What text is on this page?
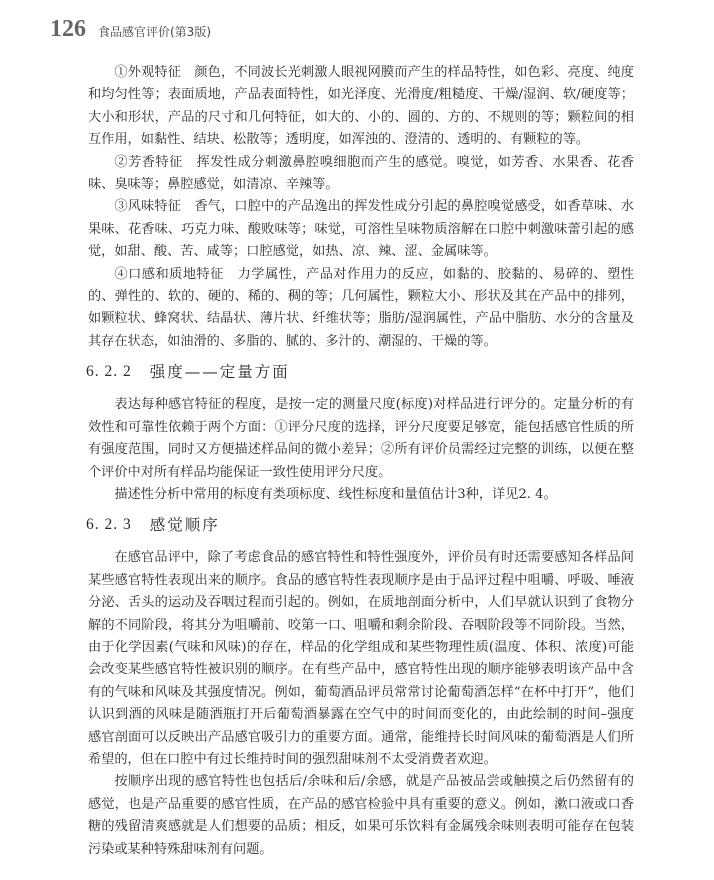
126 食品感官评价(第3版)

①外观特征　颜色，不同波长光刺激人眼视网膜而产生的样品特性，如色彩、亮度、纯度和均匀性等；表面质地，产品表面特性，如光泽度、光滑度/粗糙度、干燥/湿润、软/硬度等；大小和形状，产品的尺寸和几何特征，如大的、小的、圆的、方的、不规则的等；颗粒间的相互作用，如黏性、结块、松散等；透明度，如浑浊的、澄清的、透明的、有颗粒的等。

②芳香特征　挥发性成分刺激鼻腔嗅细胞而产生的感觉。嗅觉，如芳香、水果香、花香味、臭味等；鼻腔感觉，如清凉、辛辣等。

③风味特征　香气，口腔中的产品逸出的挥发性成分引起的鼻腔嗅觉感受，如香草味、水果味、花香味、巧克力味、酸败味等；味觉，可溶性呈味物质溶解在口腔中刺激味蕾引起的感觉，如甜、酸、苦、咸等；口腔感觉，如热、凉、辣、涩、金属味等。

④口感和质地特征　力学属性，产品对作用力的反应，如黏的、胶黏的、易碎的、塑性的、弹性的、软的、硬的、稀的、稠的等；几何属性，颗粒大小、形状及其在产品中的排列，如颗粒状、蜂窝状、结晶状、薄片状、纤维状等；脂肪/湿润属性，产品中脂肪、水分的含量及其存在状态，如油滑的、多脂的、腻的、多汁的、潮湿的、干燥的等。

6. 2. 2 强度——定量方面

表达每种感官特征的程度，是按一定的测量尺度(标度)对样品进行评分的。定量分析的有效性和可靠性依赖于两个方面：①评分尺度的选择，评分尺度要足够宽，能包括感官性质的所有强度范围，同时又方便描述样品间的微小差异；②所有评价员需经过完整的训练，以便在整个评价中对所有样品均能保证一致性使用评分尺度。

描述性分析中常用的标度有类项标度、线性标度和量值估计3种，详见2. 4。

6. 2. 3 感觉顺序

在感官品评中，除了考虑食品的感官特性和特性强度外，评价员有时还需要感知各样品间某些感官特性表现出来的顺序。食品的感官特性表现顺序是由于品评过程中咀嚼、呼吸、唾液分泌、舌头的运动及吞咽过程而引起的。例如，在质地剖面分析中，人们早就认识到了食物分解的不同阶段，将其分为咀嚼前、咬第一口、咀嚼和剩余阶段、吞咽阶段等不同阶段。当然，由于化学因素(气味和风味)的存在，样品的化学组成和某些物理性质(温度、体积、浓度)可能会改变某些感官特性被识别的顺序。在有些产品中，感官特性出现的顺序能够表明该产品中含有的气味和风味及其强度情况。例如，葡萄酒品评员常常讨论葡萄酒怎样“在杯中打开”，他们认识到酒的风味是随酒瓶打开后葡萄酒暴露在空气中的时间而变化的，由此绘制的时间–强度感官剖面可以反映出产品感官吸引力的重要方面。通常，能维持长时间风味的葡萄酒是人们所希望的，但在口腔中有过长维持时间的强烈甜味剂不太受消费者欢迎。

按顺序出现的感官特性也包括后/余味和后/余感，就是产品被品尝或触摸之后仍然留有的感觉，也是产品重要的感官性质，在产品的感官检验中具有重要的意义。例如，漱口液或口香糖的残留清爽感就是人们想要的品质；相反，如果可乐饮料有金属残余味则表明可能存在包装污染或某种特殊甜味剂有问题。
